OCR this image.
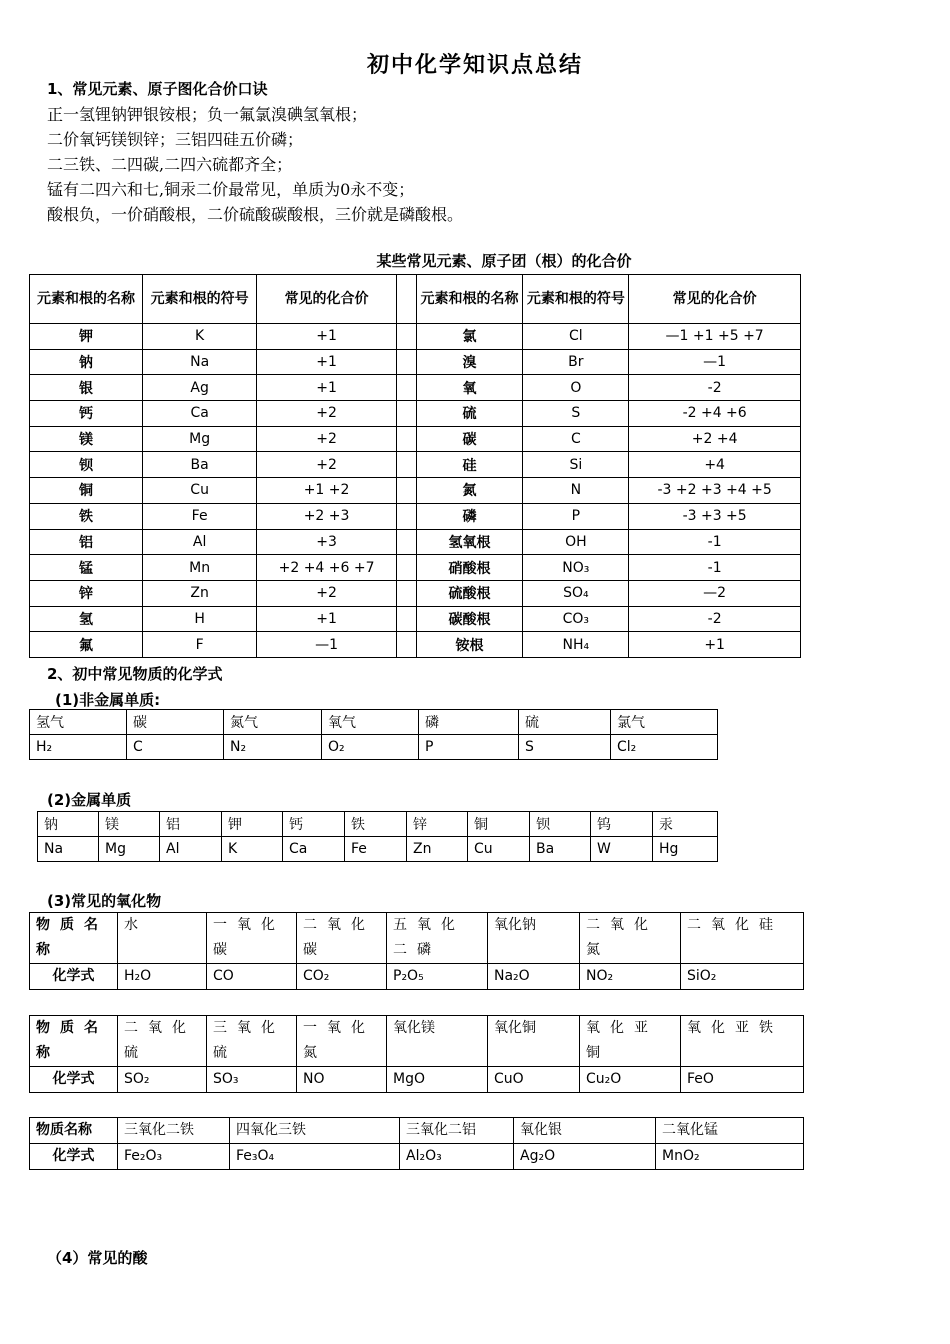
初中化学知识点总结
1、常见元素、原子图化合价口诀
正一氢锂钠钾银铵根；负一氟氯溴碘氢氧根；
二价氧钙镁钡锌；三铝四硅五价磷；
二三铁、二四碳,二四六硫都齐全；
锰有二四六和七,铜汞二价最常见，单质为0永不变；
酸根负，一价硝酸根，二价硫酸碳酸根，三价就是磷酸根。
某些常见元素、原子团（根）的化合价
元素和根的名称	元素和根的符号	常见的化合价		元素和根的名称	元素和根的符号	常见的化合价
钾	K	+1		氯	Cl	—1 +1 +5 +7
钠	Na	+1		溴	Br	—1
银	Ag	+1		氧	O	-2
钙	Ca	+2		硫	S	-2 +4 +6
镁	Mg	+2		碳	C	+2 +4
钡	Ba	+2		硅	Si	+4
铜	Cu	+1 +2		氮	N	-3 +2 +3 +4 +5
铁	Fe	+2 +3		磷	P	-3 +3 +5
铝	Al	+3		氢氧根	OH	-1
锰	Mn	+2 +4 +6 +7		硝酸根	NO₃	-1
锌	Zn	+2		硫酸根	SO₄	—2
氢	H	+1		碳酸根	CO₃	-2
氟	F	—1		铵根	NH₄	+1
2、初中常见物质的化学式
(1)非金属单质:
氢气	碳	氮气	氧气	磷	硫	氯气
H₂	C	N₂	O₂	P	S	Cl₂
(2)金属单质
钠	镁	铝	钾	钙	铁	锌	铜	钡	钨	汞
Na	Mg	Al	K	Ca	Fe	Zn	Cu	Ba	W	Hg
(3)常见的氧化物
物质名称	水	一氧化碳	二氧化碳	五氧化二磷	氧化钠	二氧化氮	二氧化硅
化学式	H₂O	CO	CO₂	P₂O₅	Na₂O	NO₂	SiO₂
物质名称	二氧化硫	三氧化硫	一氧化氮	氧化镁	氧化铜	氧化亚铜	氧化亚铁
化学式	SO₂	SO₃	NO	MgO	CuO	Cu₂O	FeO
物质名称	三氧化二铁	四氧化三铁	三氧化二铝	氧化银	二氧化锰
化学式	Fe₂O₃	Fe₃O₄	Al₂O₃	Ag₂O	MnO₂
（4）常见的酸
